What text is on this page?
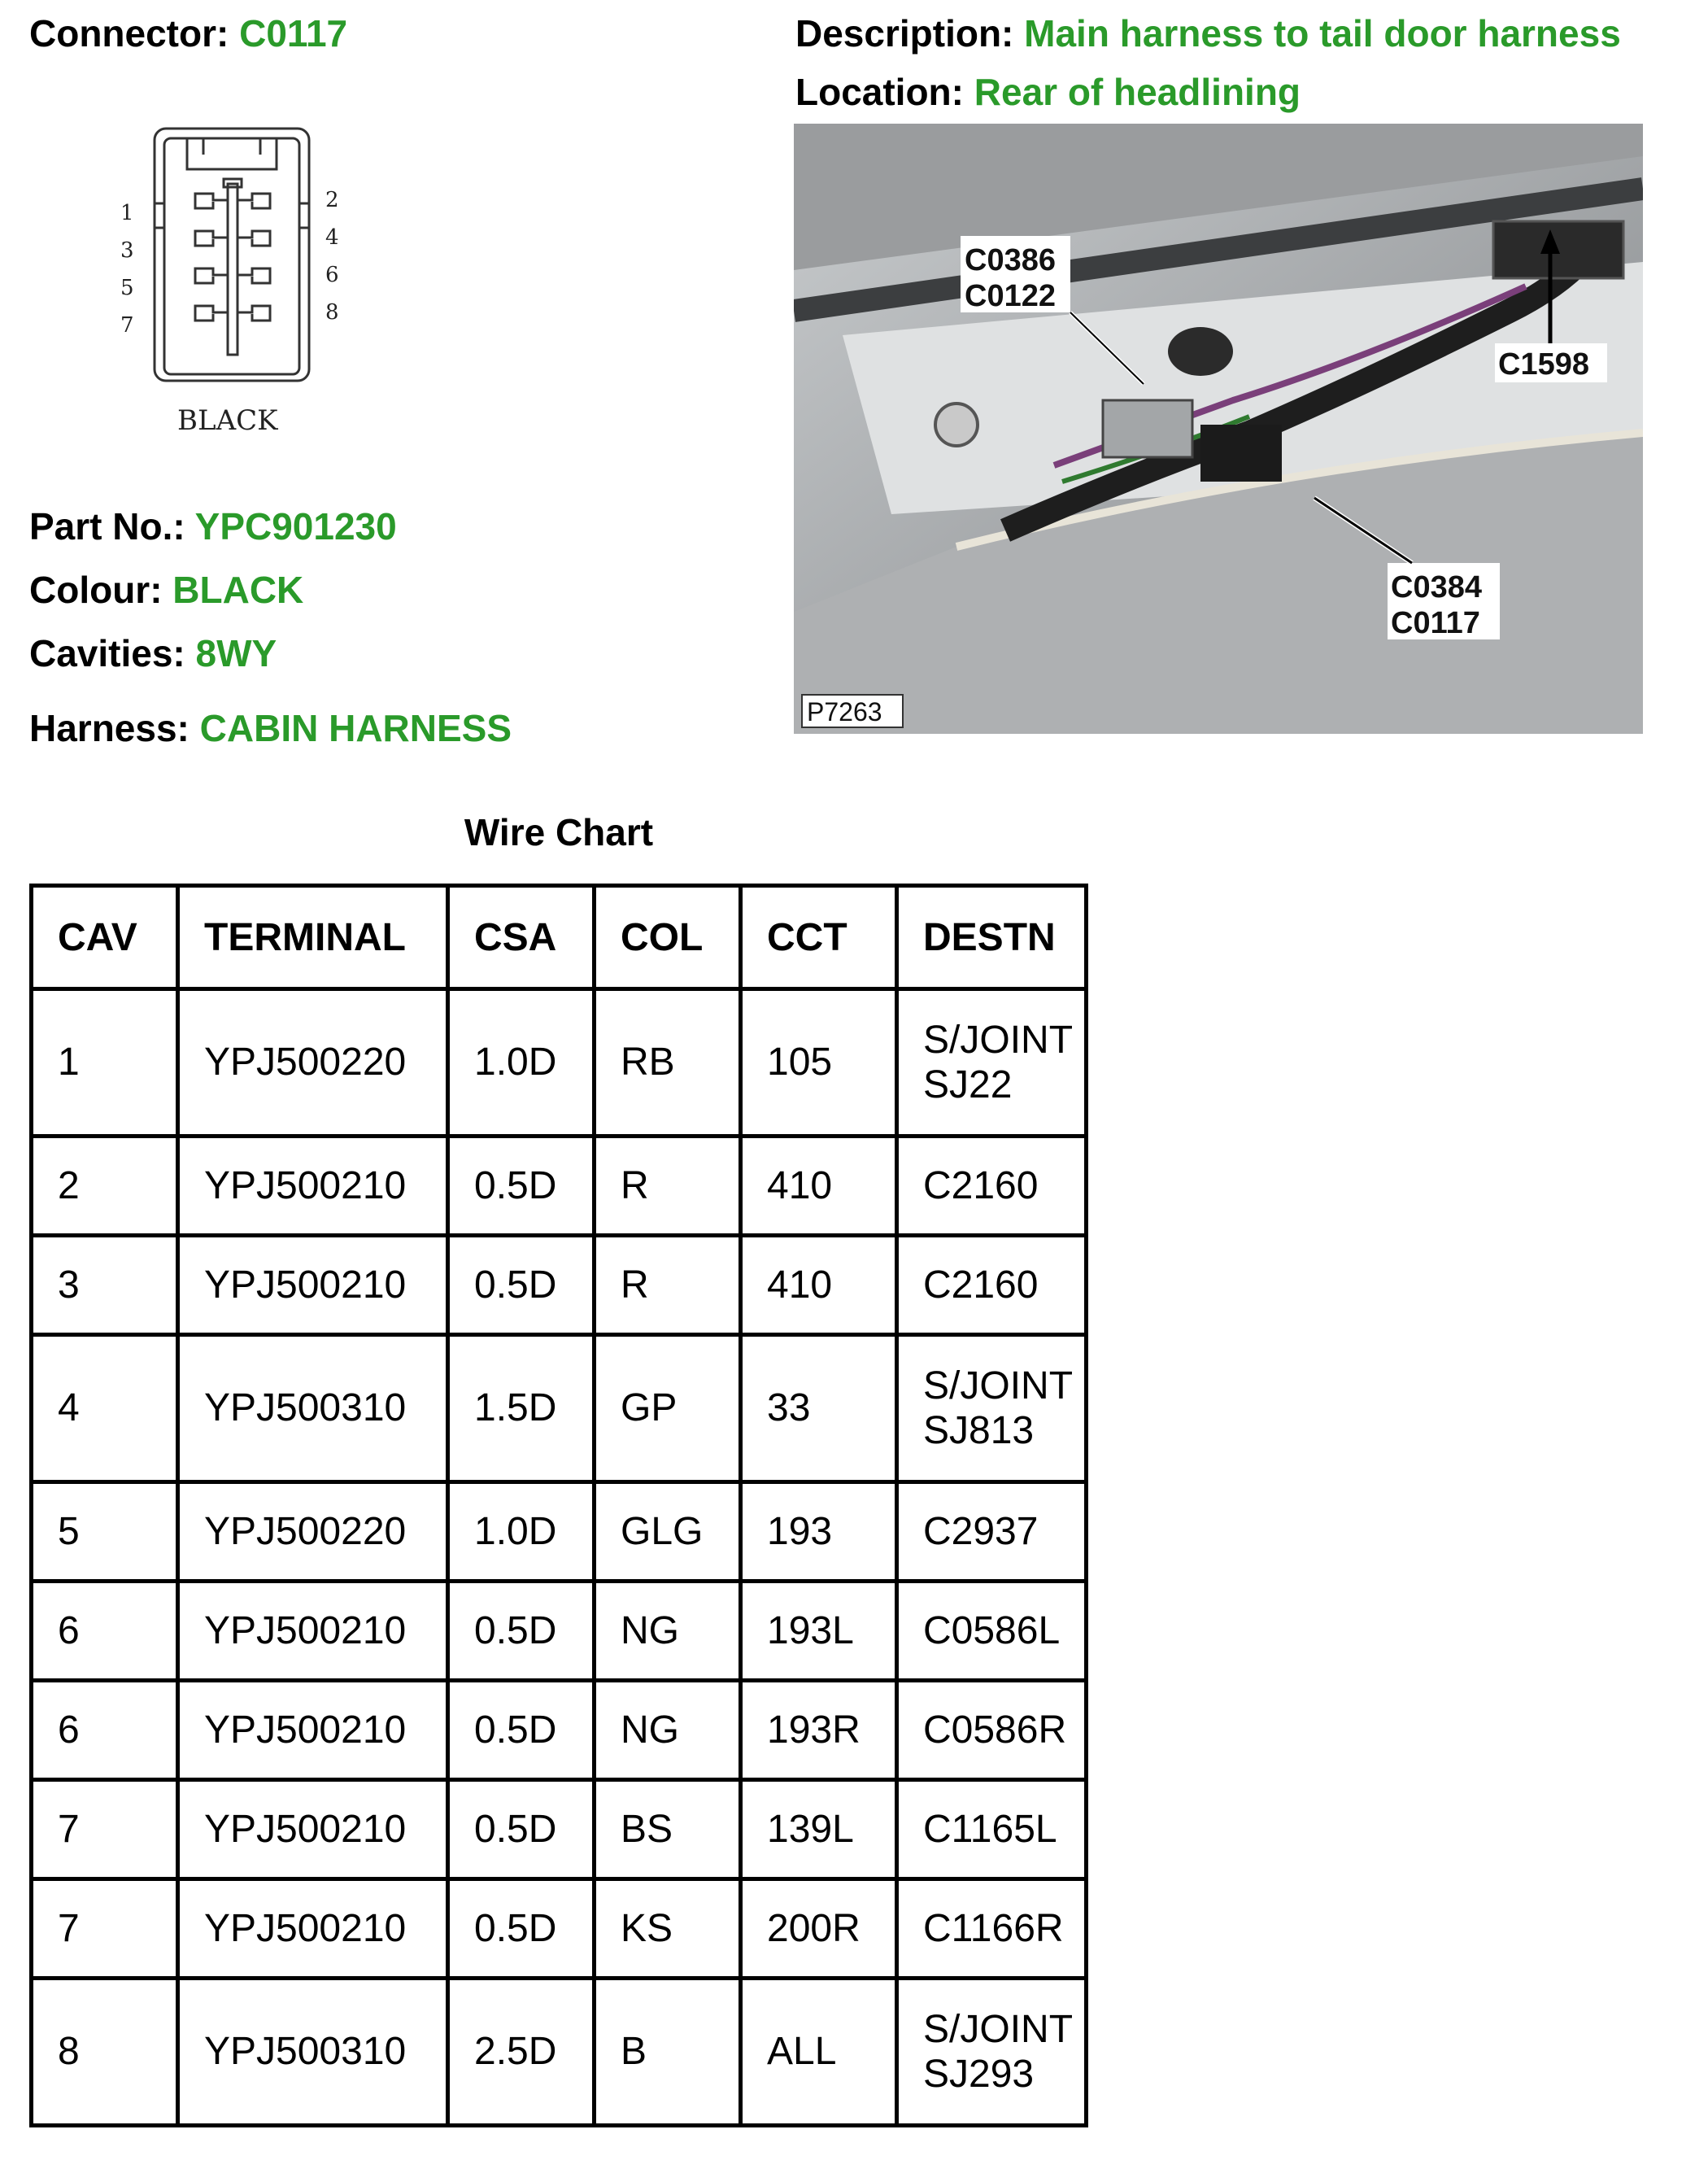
Connector: C0117	Description: Main harness to tail door harness
Location: Rear of headlining
1
3
5
7
2
4
6
8
BLACK
Part No.: YPC901230
Colour: BLACK
Cavities: 8WY
Harness: CABIN HARNESS
C0386
C0122
C1598
C0384
C0117
P7263
Wire Chart
CAV	TERMINAL	CSA	COL	CCT	DESTN
1	YPJ500220	1.0D	RB	105	S/JOINT
SJ22

2	YPJ500210	0.5D	R	410	C2160
3	YPJ500210	0.5D	R	410	C2160
4	YPJ500310	1.5D	GP	33	S/JOINT
SJ813

5	YPJ500220	1.0D	GLG	193	C2937
6	YPJ500210	0.5D	NG	193L	C0586L
6	YPJ500210	0.5D	NG	193R	C0586R
7	YPJ500210	0.5D	BS	139L	C1165L
7	YPJ500210	0.5D	KS	200R	C1166R
8	YPJ500310	2.5D	B	ALL	S/JOINT
SJ293
